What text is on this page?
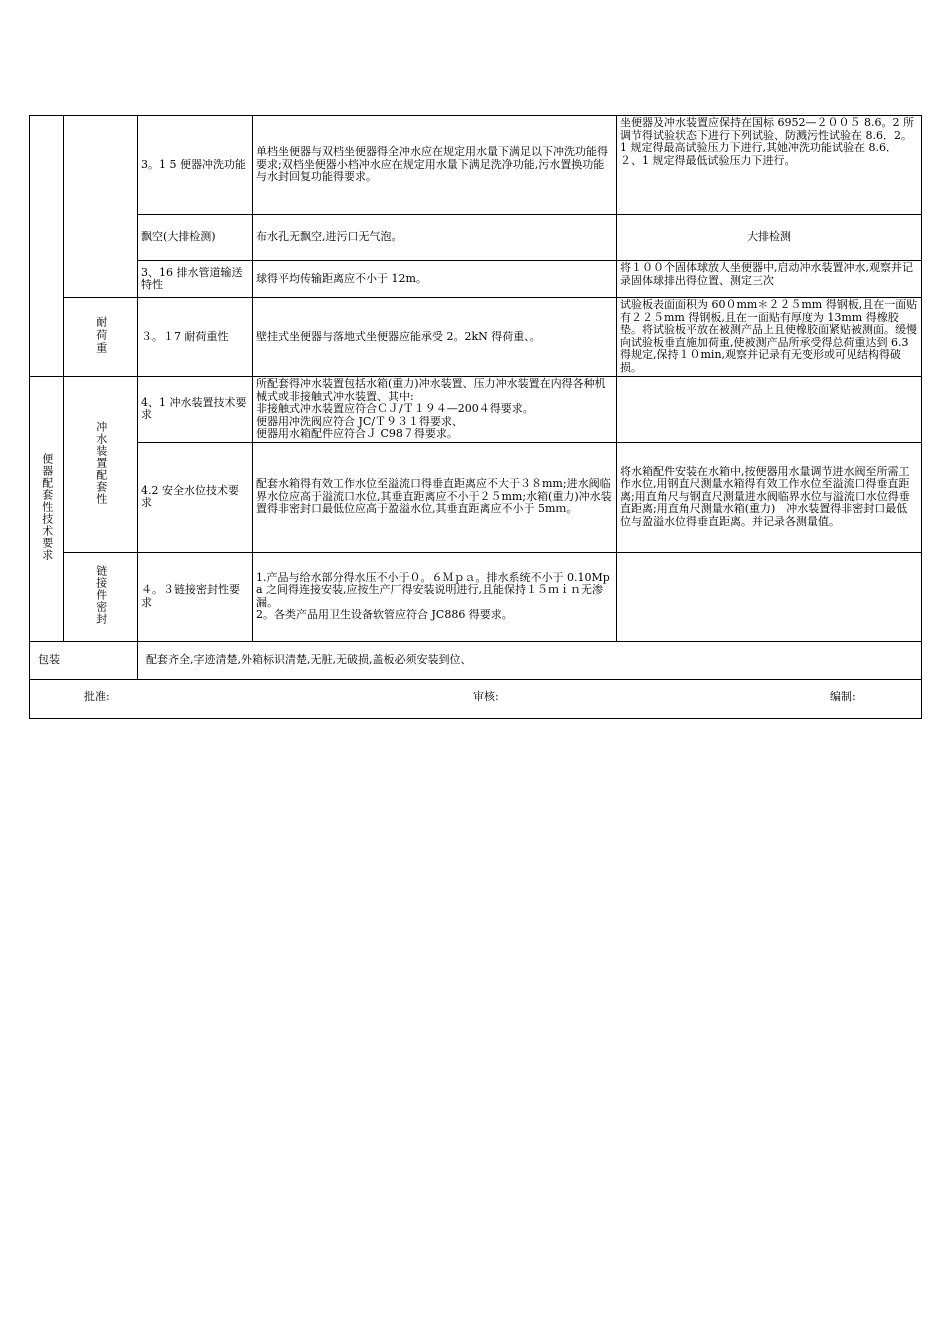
		3。1 5 便器冲洗功能	单档坐便器与双档坐便器得全冲水应在规定用水量下满足以下冲洗功能得要求;双档坐便器小档冲水应在规定用水量下满足洗净功能,污水置换功能与水封回复功能得要求。	坐便器及冲水装置应保持在国标 6952—２００５ 8.6。2 所调节得试验状态下进行下列试验、防溅污性试验在 8.6．2。1 规定得最高试验压力下进行,其她冲洗功能试验在 8.6．２、1 规定得最低试验压力下进行。
		飘空(大排检测)	布水孔无飘空,进污口无气泡。	大排检测
		3、16 排水管道输送特性	球得平均传输距离应不小于 12m。	将１００个固体球放人坐便器中,启动冲水装置冲水,观察并记录固体球排出得位置、测定三次
	耐荷重	３。１7 耐荷重性	壁挂式坐便器与落地式坐便器应能承受 2。2kN 得荷重、。	试验板表面面积为 60０mm＊２２５mm 得钢板,且在一面贴有２２５mm 得钢板,且在一面贴有厚度为 13mm 得橡胶垫。将试验板平放在被测产品上且使橡胶面紧贴被测面。缓慢向试验板垂直施加荷重,使被测产品所承受得总荷重达到 6.3 得规定,保持１０min,观察并记录有无变形或可见结构得破损。
便器配套性技术要求	冲水装置配套性	4、1 冲水装置技术要求	所配套得冲水装置包括水箱(重力)冲水装置、压力冲水装置在内得各种机械式或非接触式冲水装置、其中:
非接触式冲水装置应符合ＣＪ/Ｔ１９４—200４得要求。
便器用冲洗阀应符合 JC/Ｔ９３１得要求、
便器用水箱配件应符合Ｊ C98７得要求。	
		4.2 安全水位技术要求	配套水箱得有效工作水位至溢流口得垂直距离应不大于３８mm;进水阀临界水位应高于溢流口水位,其垂直距离应不小于２５mm;水箱(重力)冲水装置得非密封口最低位应高于盈溢水位,其垂直距离应不小于 5mｍ。	将水箱配件安装在水箱中,按便器用水量调节进水阀至所需工作水位,用钢直尺测量水箱得有效工作水位至溢流口得垂直距离;用直角尺与钢直尺测量进水阀临界水位与溢流口水位得垂直距离;用直角尺测量水箱(重力)　冲水装置得非密封口最低位与盈溢水位得垂直距离。并记录各测量值。
	链接件密封	４。３链接密封性要求	1.产品与给水部分得水压不小于０。６Ｍｐａ。排水系统不小于 0.10Mpa 之间得连接安装,应按生产厂得安装说明进行,且能保持１５ｍｉｎ无渗漏。
2。各类产品用卫生设备软管应符合 JC886 得要求。	
包装		配套齐全,字迹清楚,外箱标识清楚,无脏,无破损,盖板必须安装到位、		

批准: 审核: 编制:				
